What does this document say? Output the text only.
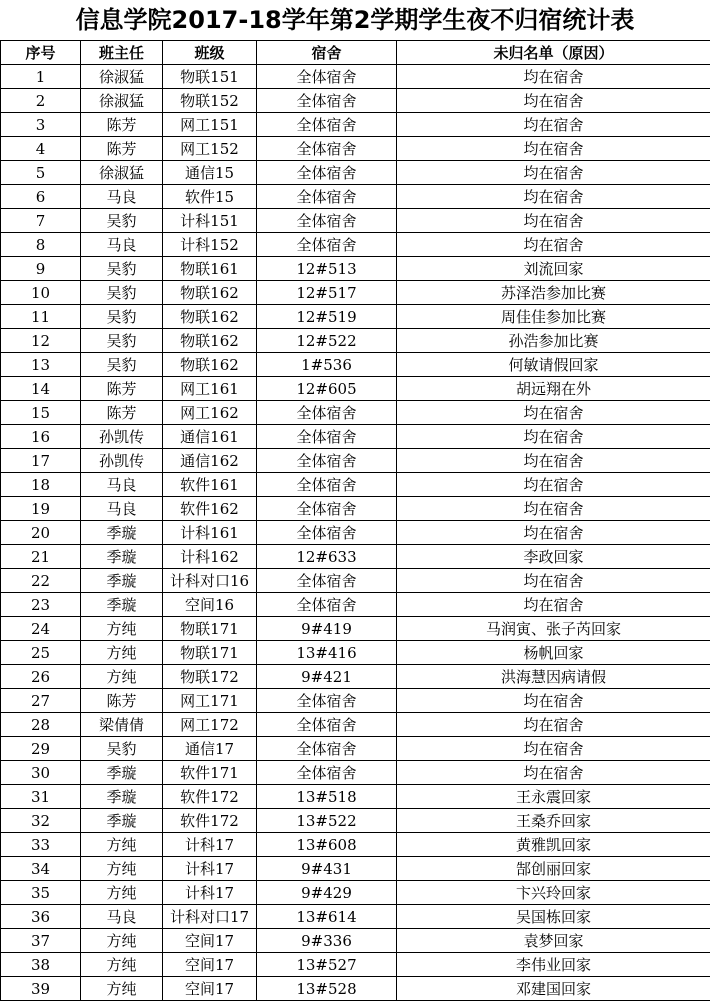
信息学院2017-18学年第2学期学生夜不归宿统计表
序号	班主任	班级	宿舍	未归名单（原因）
1	徐淑猛	物联151	全体宿舍	均在宿舍
2	徐淑猛	物联152	全体宿舍	均在宿舍
3	陈芳	网工151	全体宿舍	均在宿舍
4	陈芳	网工152	全体宿舍	均在宿舍
5	徐淑猛	通信15	全体宿舍	均在宿舍
6	马良	软件15	全体宿舍	均在宿舍
7	吴豹	计科151	全体宿舍	均在宿舍
8	马良	计科152	全体宿舍	均在宿舍
9	吴豹	物联161	12#513	刘流回家
10	吴豹	物联162	12#517	苏泽浩参加比赛
11	吴豹	物联162	12#519	周佳佳参加比赛
12	吴豹	物联162	12#522	孙浩参加比赛
13	吴豹	物联162	1#536	何敏请假回家
14	陈芳	网工161	12#605	胡远翔在外
15	陈芳	网工162	全体宿舍	均在宿舍
16	孙凯传	通信161	全体宿舍	均在宿舍
17	孙凯传	通信162	全体宿舍	均在宿舍
18	马良	软件161	全体宿舍	均在宿舍
19	马良	软件162	全体宿舍	均在宿舍
20	季璇	计科161	全体宿舍	均在宿舍
21	季璇	计科162	12#633	李政回家
22	季璇	计科对口16	全体宿舍	均在宿舍
23	季璇	空间16	全体宿舍	均在宿舍
24	方纯	物联171	9#419	马润寅、张子芮回家
25	方纯	物联171	13#416	杨帆回家
26	方纯	物联172	9#421	洪海慧因病请假
27	陈芳	网工171	全体宿舍	均在宿舍
28	梁倩倩	网工172	全体宿舍	均在宿舍
29	吴豹	通信17	全体宿舍	均在宿舍
30	季璇	软件171	全体宿舍	均在宿舍
31	季璇	软件172	13#518	王永震回家
32	季璇	软件172	13#522	王桑乔回家
33	方纯	计科17	13#608	黄雅凯回家
34	方纯	计科17	9#431	郜创丽回家
35	方纯	计科17	9#429	卞兴玲回家
36	马良	计科对口17	13#614	吴国栋回家
37	方纯	空间17	9#336	袁梦回家
38	方纯	空间17	13#527	李伟业回家
39	方纯	空间17	13#528	邓建国回家
